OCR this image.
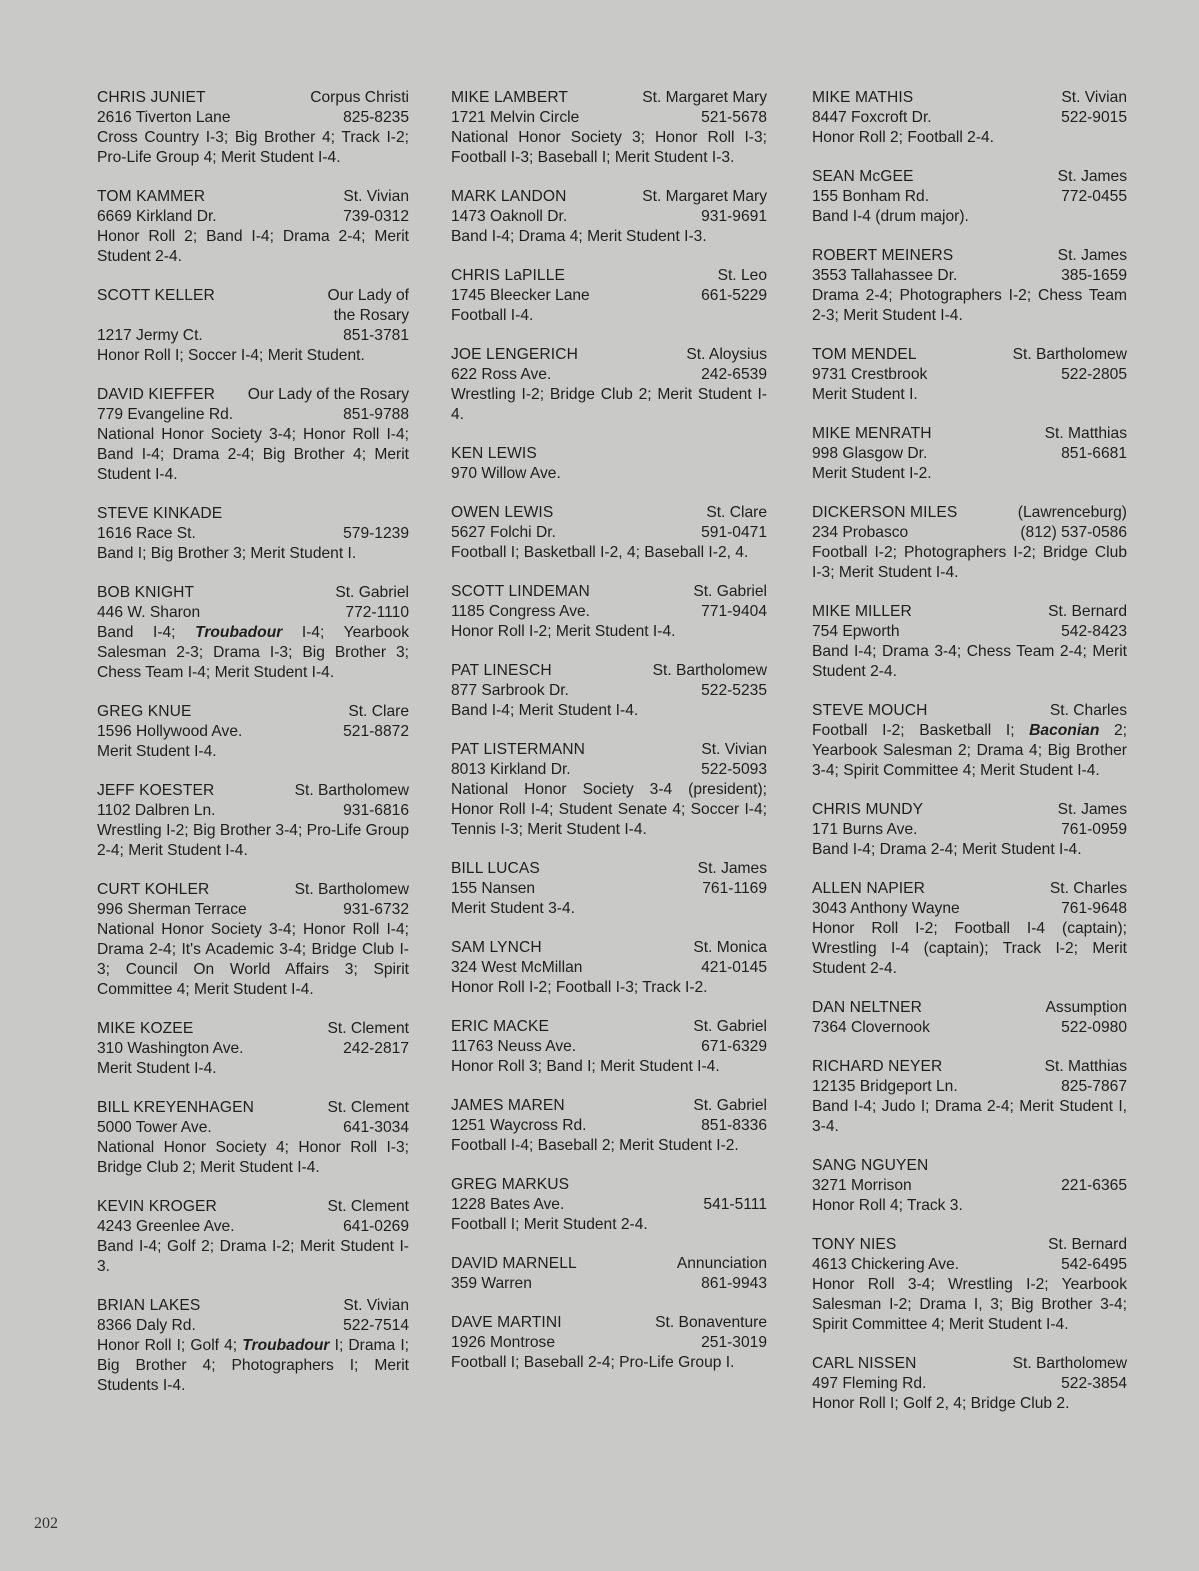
CHRIS JUNIET	Corpus Christi
2616 Tiverton Lane	825-8235
Cross Country I-3; Big Brother 4; Track I-2; Pro-Life Group 4; Merit Student I-4.
TOM KAMMER	St. Vivian
6669 Kirkland Dr.	739-0312
Honor Roll 2; Band I-4; Drama 2-4; Merit Student 2-4.
SCOTT KELLER	Our Lady of the Rosary
1217 Jermy Ct.	851-3781
Honor Roll I; Soccer I-4; Merit Student.
DAVID KIEFFER Our Lady of the Rosary
779 Evangeline Rd.	851-9788
National Honor Society 3-4; Honor Roll I-4; Band I-4; Drama 2-4; Big Brother 4; Merit Student I-4.
STEVE KINKADE
1616 Race St.	579-1239
Band I; Big Brother 3; Merit Student I.
BOB KNIGHT	St. Gabriel
446 W. Sharon	772-1110
Band I-4; Troubadour I-4; Yearbook Salesman 2-3; Drama I-3; Big Brother 3; Chess Team I-4; Merit Student I-4.
GREG KNUE	St. Clare
1596 Hollywood Ave.	521-8872
Merit Student I-4.
JEFF KOESTER	St. Bartholomew
1102 Dalbren Ln.	931-6816
Wrestling I-2; Big Brother 3-4; Pro-Life Group 2-4; Merit Student I-4.
CURT KOHLER	St. Bartholomew
996 Sherman Terrace	931-6732
National Honor Society 3-4; Honor Roll I-4; Drama 2-4; It's Academic 3-4; Bridge Club I-3; Council On World Affairs 3; Spirit Committee 4; Merit Student I-4.
MIKE KOZEE	St. Clement
310 Washington Ave.	242-2817
Merit Student I-4.
BILL KREYENHAGEN	St. Clement
5000 Tower Ave.	641-3034
National Honor Society 4; Honor Roll I-3; Bridge Club 2; Merit Student I-4.
KEVIN KROGER	St. Clement
4243 Greenlee Ave.	641-0269
Band I-4; Golf 2; Drama I-2; Merit Student I-3.
BRIAN LAKES	St. Vivian
8366 Daly Rd.	522-7514
Honor Roll I; Golf 4; Troubadour I; Drama I; Big Brother 4; Photographers I; Merit Students I-4.
MIKE LAMBERT	St. Margaret Mary
1721 Melvin Circle	521-5678
National Honor Society 3; Honor Roll I-3; Football I-3; Baseball I; Merit Student I-3.
MARK LANDON	St. Margaret Mary
1473 Oaknoll Dr.	931-9691
Band I-4; Drama 4; Merit Student I-3.
CHRIS LaPILLE	St. Leo
1745 Bleecker Lane	661-5229
Football I-4.
JOE LENGERICH	St. Aloysius
622 Ross Ave.	242-6539
Wrestling I-2; Bridge Club 2; Merit Student I-4.
KEN LEWIS
970 Willow Ave.
OWEN LEWIS	St. Clare
5627 Folchi Dr.	591-0471
Football I; Basketball I-2, 4; Baseball I-2, 4.
SCOTT LINDEMAN	St. Gabriel
1185 Congress Ave.	771-9404
Honor Roll I-2; Merit Student I-4.
PAT LINESCH	St. Bartholomew
877 Sarbrook Dr.	522-5235
Band I-4; Merit Student I-4.
PAT LISTERMANN	St. Vivian
8013 Kirkland Dr.	522-5093
National Honor Society 3-4 (president); Honor Roll I-4; Student Senate 4; Soccer I-4; Tennis I-3; Merit Student I-4.
BILL LUCAS	St. James
155 Nansen	761-1169
Merit Student 3-4.
SAM LYNCH	St. Monica
324 West McMillan	421-0145
Honor Roll I-2; Football I-3; Track I-2.
ERIC MACKE	St. Gabriel
11763 Neuss Ave.	671-6329
Honor Roll 3; Band I; Merit Student I-4.
JAMES MAREN	St. Gabriel
1251 Waycross Rd.	851-8336
Football I-4; Baseball 2; Merit Student I-2.
GREG MARKUS
1228 Bates Ave.	541-5111
Football I; Merit Student 2-4.
DAVID MARNELL	Annunciation
359 Warren	861-9943
DAVE MARTINI	St. Bonaventure
1926 Montrose	251-3019
Football I; Baseball 2-4; Pro-Life Group I.
MIKE MATHIS	St. Vivian
8447 Foxcroft Dr.	522-9015
Honor Roll 2; Football 2-4.
SEAN McGEE	St. James
155 Bonham Rd.	772-0455
Band I-4 (drum major).
ROBERT MEINERS	St. James
3553 Tallahassee Dr.	385-1659
Drama 2-4; Photographers I-2; Chess Team 2-3; Merit Student I-4.
TOM MENDEL	St. Bartholomew
9731 Crestbrook	522-2805
Merit Student I.
MIKE MENRATH	St. Matthias
998 Glasgow Dr.	851-6681
Merit Student I-2.
DICKERSON MILES	(Lawrenceburg)
234 Probasco	(812) 537-0586
Football I-2; Photographers I-2; Bridge Club I-3; Merit Student I-4.
MIKE MILLER	St. Bernard
754 Epworth	542-8423
Band I-4; Drama 3-4; Chess Team 2-4; Merit Student 2-4.
STEVE MOUCH	St. Charles
Football I-2; Basketball I; Baconian 2; Yearbook Salesman 2; Drama 4; Big Brother 3-4; Spirit Committee 4; Merit Student I-4.
CHRIS MUNDY	St. James
171 Burns Ave.	761-0959
Band I-4; Drama 2-4; Merit Student I-4.
ALLEN NAPIER	St. Charles
3043 Anthony Wayne	761-9648
Honor Roll I-2; Football I-4 (captain); Wrestling I-4 (captain); Track I-2; Merit Student 2-4.
DAN NELTNER	Assumption
7364 Clovernook	522-0980
RICHARD NEYER	St. Matthias
12135 Bridgeport Ln.	825-7867
Band I-4; Judo I; Drama 2-4; Merit Student I, 3-4.
SANG NGUYEN
3271 Morrison	221-6365
Honor Roll 4; Track 3.
TONY NIES	St. Bernard
4613 Chickering Ave.	542-6495
Honor Roll 3-4; Wrestling I-2; Yearbook Salesman I-2; Drama I, 3; Big Brother 3-4; Spirit Committee 4; Merit Student I-4.
CARL NISSEN	St. Bartholomew
497 Fleming Rd.	522-3854
Honor Roll I; Golf 2, 4; Bridge Club 2.
202
